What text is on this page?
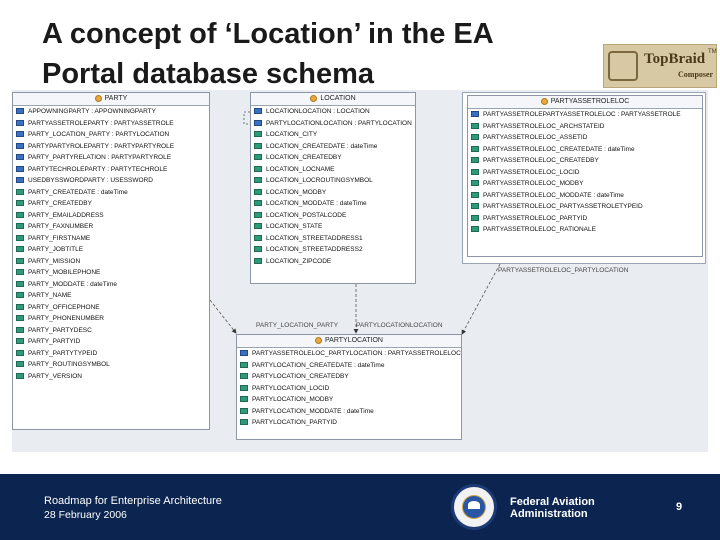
A concept of ‘Location’ in the EA
Portal database schema	TopBraid TM
Composer
PARTY
APPOWNINGPARTY : APPOWNINGPARTY
PARTYASSETROLEPARTY : PARTYASSETROLE
PARTY_LOCATION_PARTY : PARTYLOCATION
PARTYPARTYROLEPARTY : PARTYPARTYROLE
PARTY_PARTYRELATION : PARTYPARTYROLE
PARTYTECHROLEPARTY : PARTYTECHROLE
USEDBYSSWORDPARTY : USESSWORD
PARTY_CREATEDATE : dateTime
PARTY_CREATEDBY
PARTY_EMAILADDRESS
PARTY_FAXNUMBER
PARTY_FIRSTNAME
PARTY_JOBTITLE
PARTY_MISSION
PARTY_MOBILEPHONE
PARTY_MODDATE : dateTime
PARTY_NAME
PARTY_OFFICEPHONE
PARTY_PHONENUMBER
PARTY_PARTYDESC
PARTY_PARTYID
PARTY_PARTYTYPEID
PARTY_ROUTINGSYMBOL
PARTY_VERSION
LOCATION
LOCATIONLOCATION : LOCATION
PARTYLOCATIONLOCATION : PARTYLOCATION
LOCATION_CITY
LOCATION_CREATEDATE : dateTime
LOCATION_CREATEDBY
LOCATION_LOCNAME
LOCATION_LOCROUTINGSYMBOL
LOCATION_MODBY
LOCATION_MODDATE : dateTime
LOCATION_POSTALCODE
LOCATION_STATE
LOCATION_STREETADDRESS1
LOCATION_STREETADDRESS2
LOCATION_ZIPCODE
PARTYASSETROLELOC
PARTYASSETROLEPARTYASSETROLELOC : PARTYASSETROLE
PARTYASSETROLELOC_ARCHSTATEID
PARTYASSETROLELOC_ASSETID
PARTYASSETROLELOC_CREATEDATE : dateTime
PARTYASSETROLELOC_CREATEDBY
PARTYASSETROLELOC_LOCID
PARTYASSETROLELOC_MODBY
PARTYASSETROLELOC_MODDATE : dateTime
PARTYASSETROLELOC_PARTYASSETROLETYPEID
PARTYASSETROLELOC_PARTYID
PARTYASSETROLELOC_RATIONALE
PARTYLOCATION
PARTYASSETROLELOC_PARTYLOCATION : PARTYASSETROLELOC
PARTYLOCATION_CREATEDATE : dateTime
PARTYLOCATION_CREATEDBY
PARTYLOCATION_LOCID
PARTYLOCATION_MODBY
PARTYLOCATION_MODDATE : dateTime
PARTYLOCATION_PARTYID
PARTYASSETROLELOC_PARTYLOCATION
PARTY_LOCATION_PARTY	PARTYLOCATIONLOCATION
Roadmap for Enterprise Architecture
28 February 2006
Federal Aviation
Administration
9
